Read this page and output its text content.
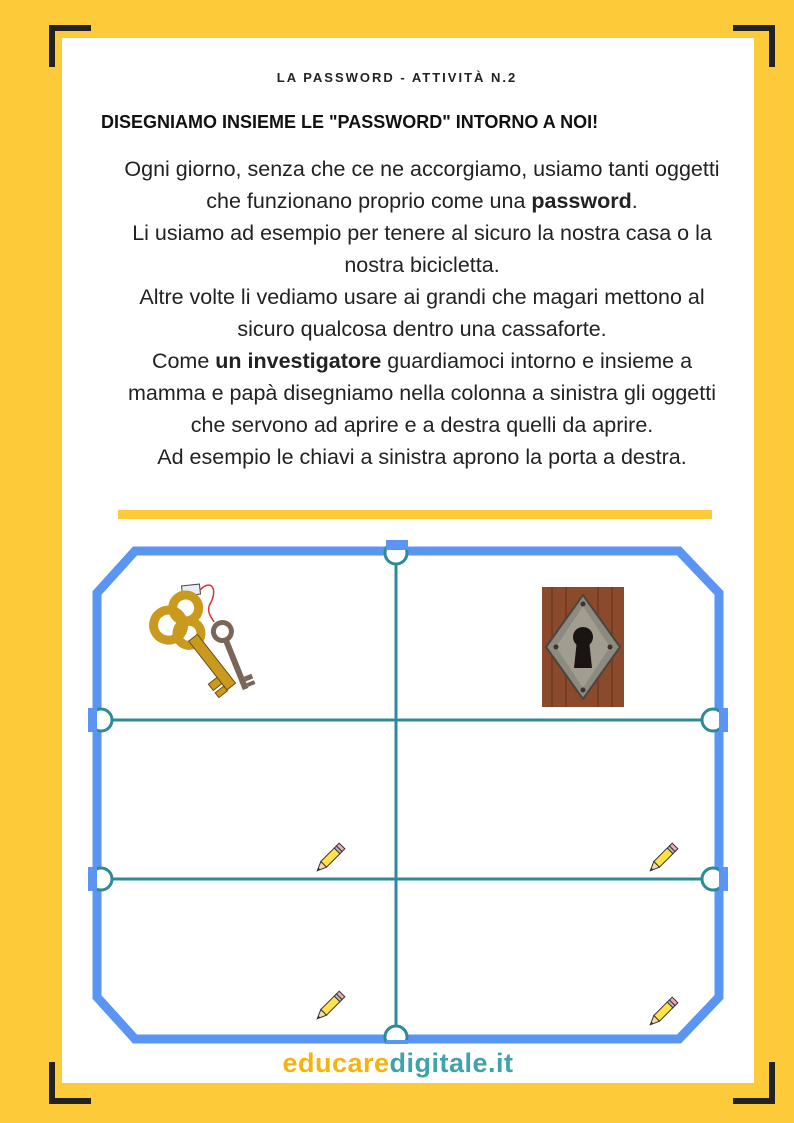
LA PASSWORD - ATTIVITÀ N.2
DISEGNIAMO INSIEME LE "PASSWORD" INTORNO A NOI!

Ogni giorno, senza che ce ne accorgiamo, usiamo tanti oggetti che funzionano proprio come una password.
Li usiamo ad esempio per tenere al sicuro la nostra casa o la nostra bicicletta.
Altre volte li vediamo usare ai grandi che magari mettono al sicuro qualcosa dentro una cassaforte.
Come un investigatore guardiamoci intorno e insieme a mamma e papà disegniamo nella colonna a sinistra gli oggetti che servono ad aprire e a destra quelli da aprire.
Ad esempio le chiavi a sinistra aprono la porta a destra.

educaredigitale.it
